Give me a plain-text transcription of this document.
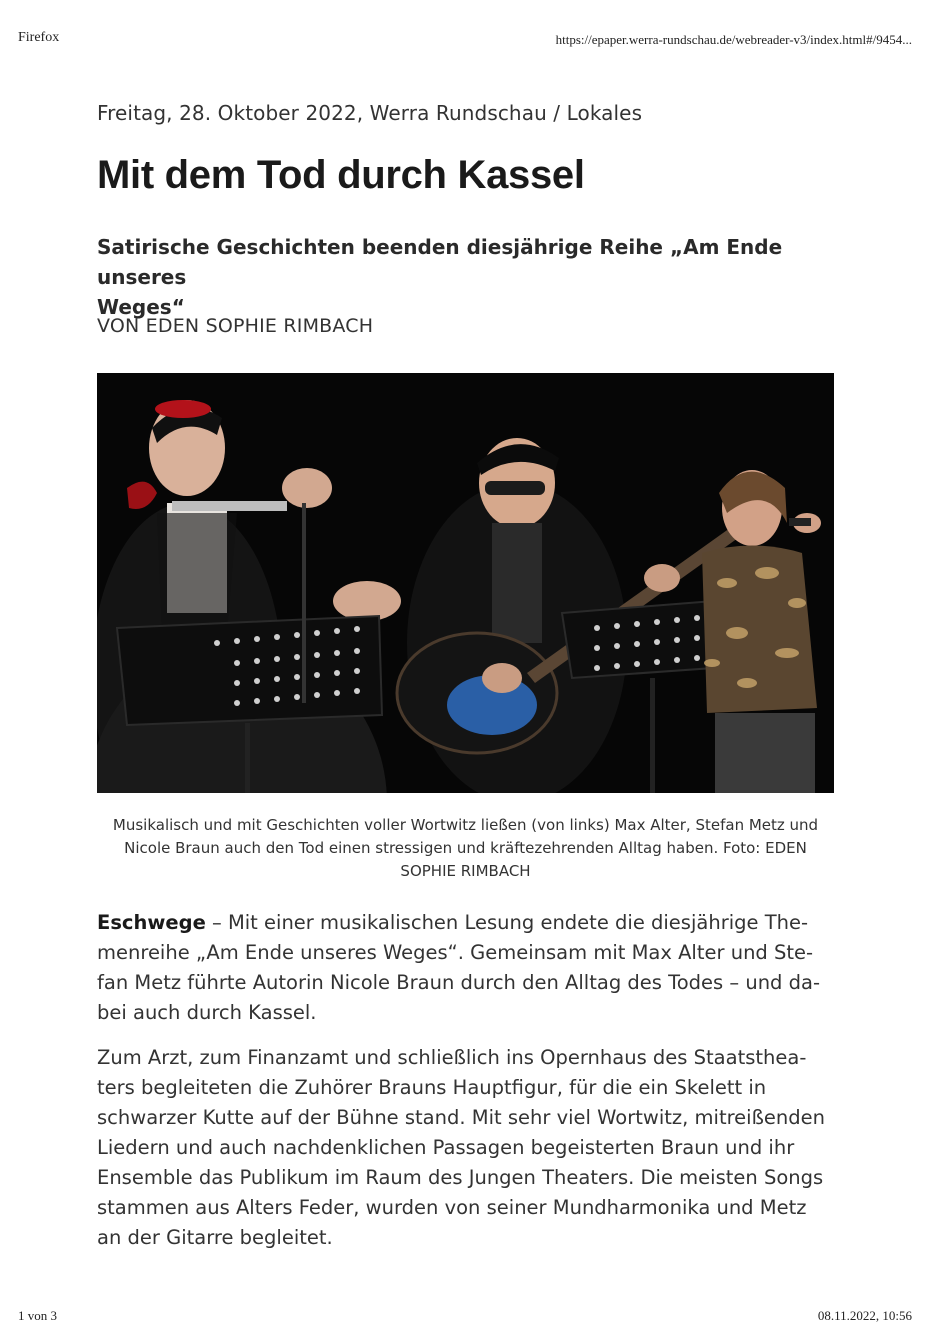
Firefox	https://epaper.werra-rundschau.de/webreader-v3/index.html#/9454...
Freitag, 28. Oktober 2022, Werra Rundschau / Lokales
Mit dem Tod durch Kassel
Satirische Geschichten beenden diesjährige Reihe „Am Ende unseres
Weges“
VON EDEN SOPHIE RIMBACH
Musikalisch und mit Geschichten voller Wortwitz ließen (von links) Max Alter, Stefan Metz und
Nicole Braun auch den Tod einen stressigen und kräftezehrenden Alltag haben. Foto: EDEN
SOPHIE RIMBACH

Eschwege – Mit einer musikalischen Lesung endete die diesjährige The-
menreihe „Am Ende unseres Weges“. Gemeinsam mit Max Alter und Ste-
fan Metz führte Autorin Nicole Braun durch den Alltag des Todes – und da-
bei auch durch Kassel.

Zum Arzt, zum Finanzamt und schließlich ins Opernhaus des Staatsthea-
ters begleiteten die Zuhörer Brauns Hauptfigur, für die ein Skelett in
schwarzer Kutte auf der Bühne stand. Mit sehr viel Wortwitz, mitreißenden
Liedern und auch nachdenklichen Passagen begeisterten Braun und ihr
Ensemble das Publikum im Raum des Jungen Theaters. Die meisten Songs
stammen aus Alters Feder, wurden von seiner Mundharmonika und Metz
an der Gitarre begleitet.

1 von 3	08.11.2022, 10:56
